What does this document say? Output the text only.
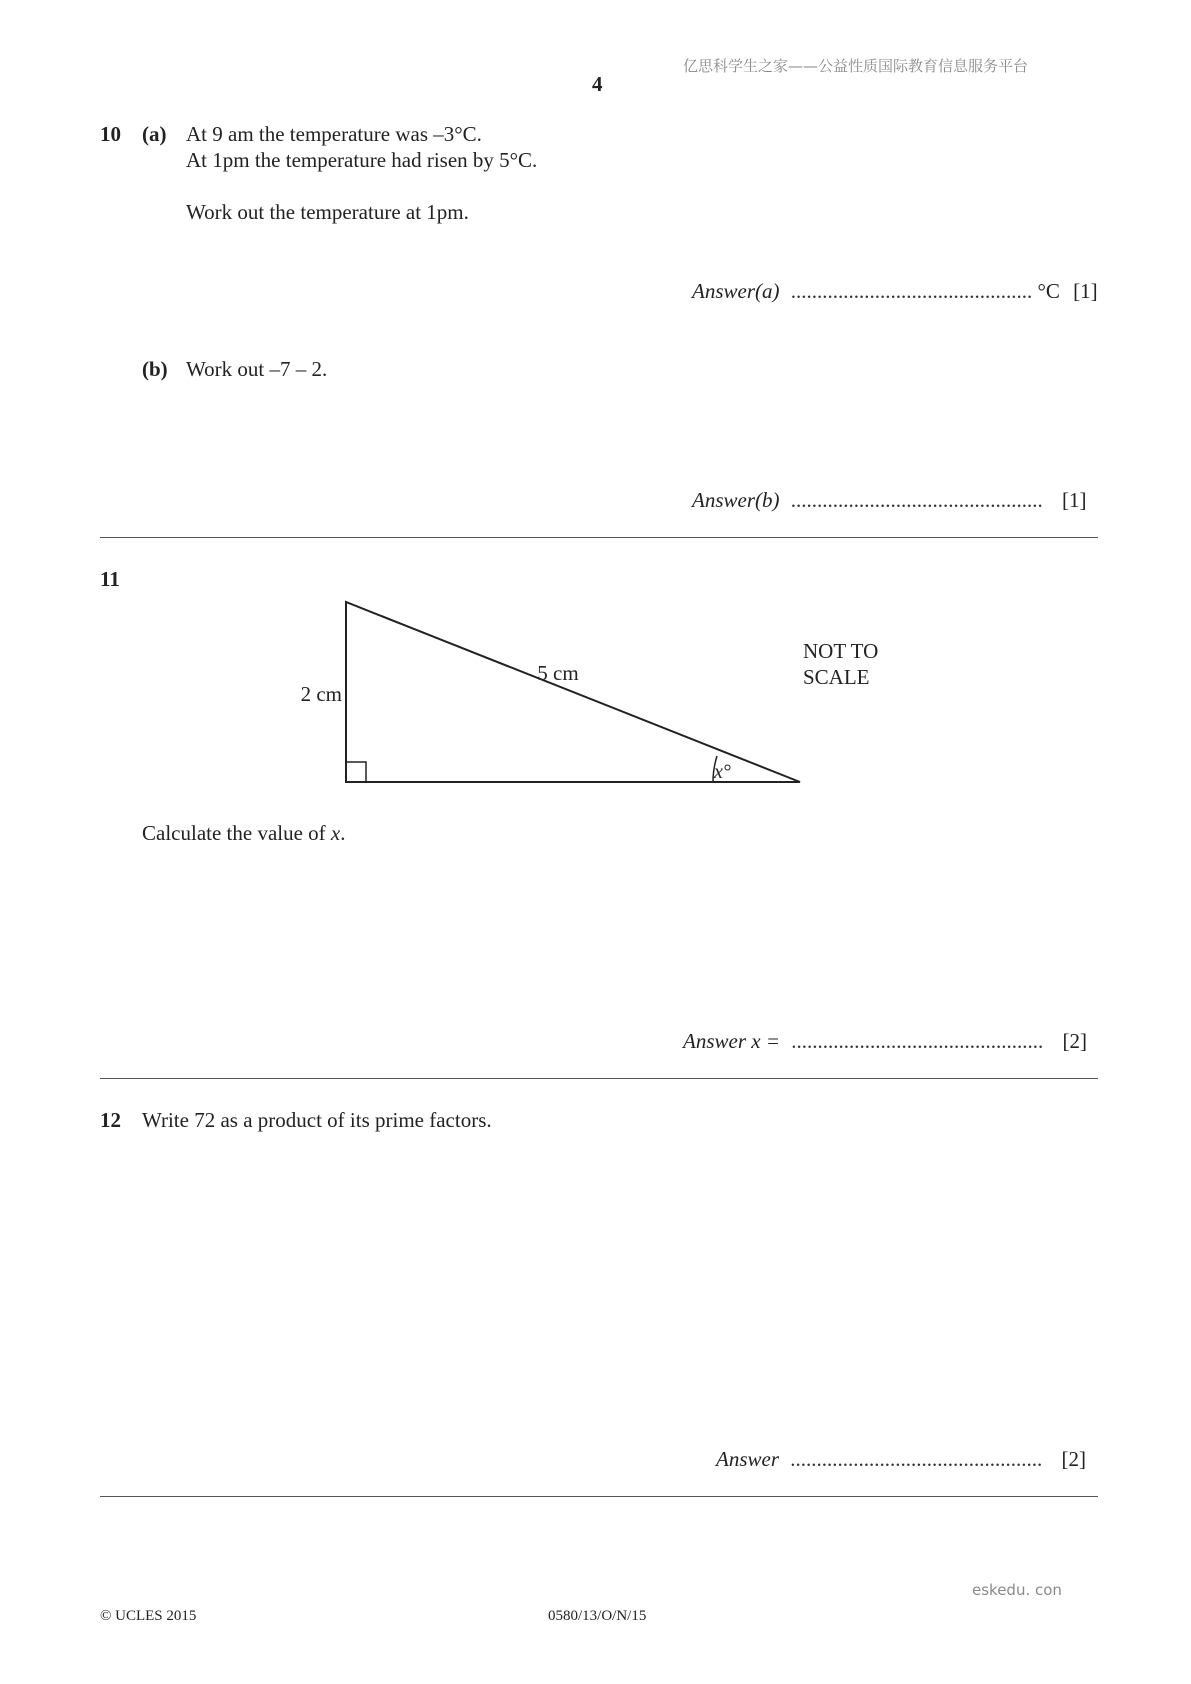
亿思科学生之家——公益性质国际教育信息服务平台
4
10 (a) At 9 am the temperature was –3°C.
At 1pm the temperature had risen by 5°C.
Work out the temperature at 1pm.
Answer(a) .............................................. °C [1]
(b) Work out –7 – 2.
Answer(b) ................................................ [1]
11
2 cm
5 cm
x°
NOT TO
SCALE
Calculate the value of x.
Answer x = ................................................ [2]
12 Write 72 as a product of its prime factors.
Answer ................................................ [2]
eskedu. con
© UCLES 2015	0580/13/O/N/15
